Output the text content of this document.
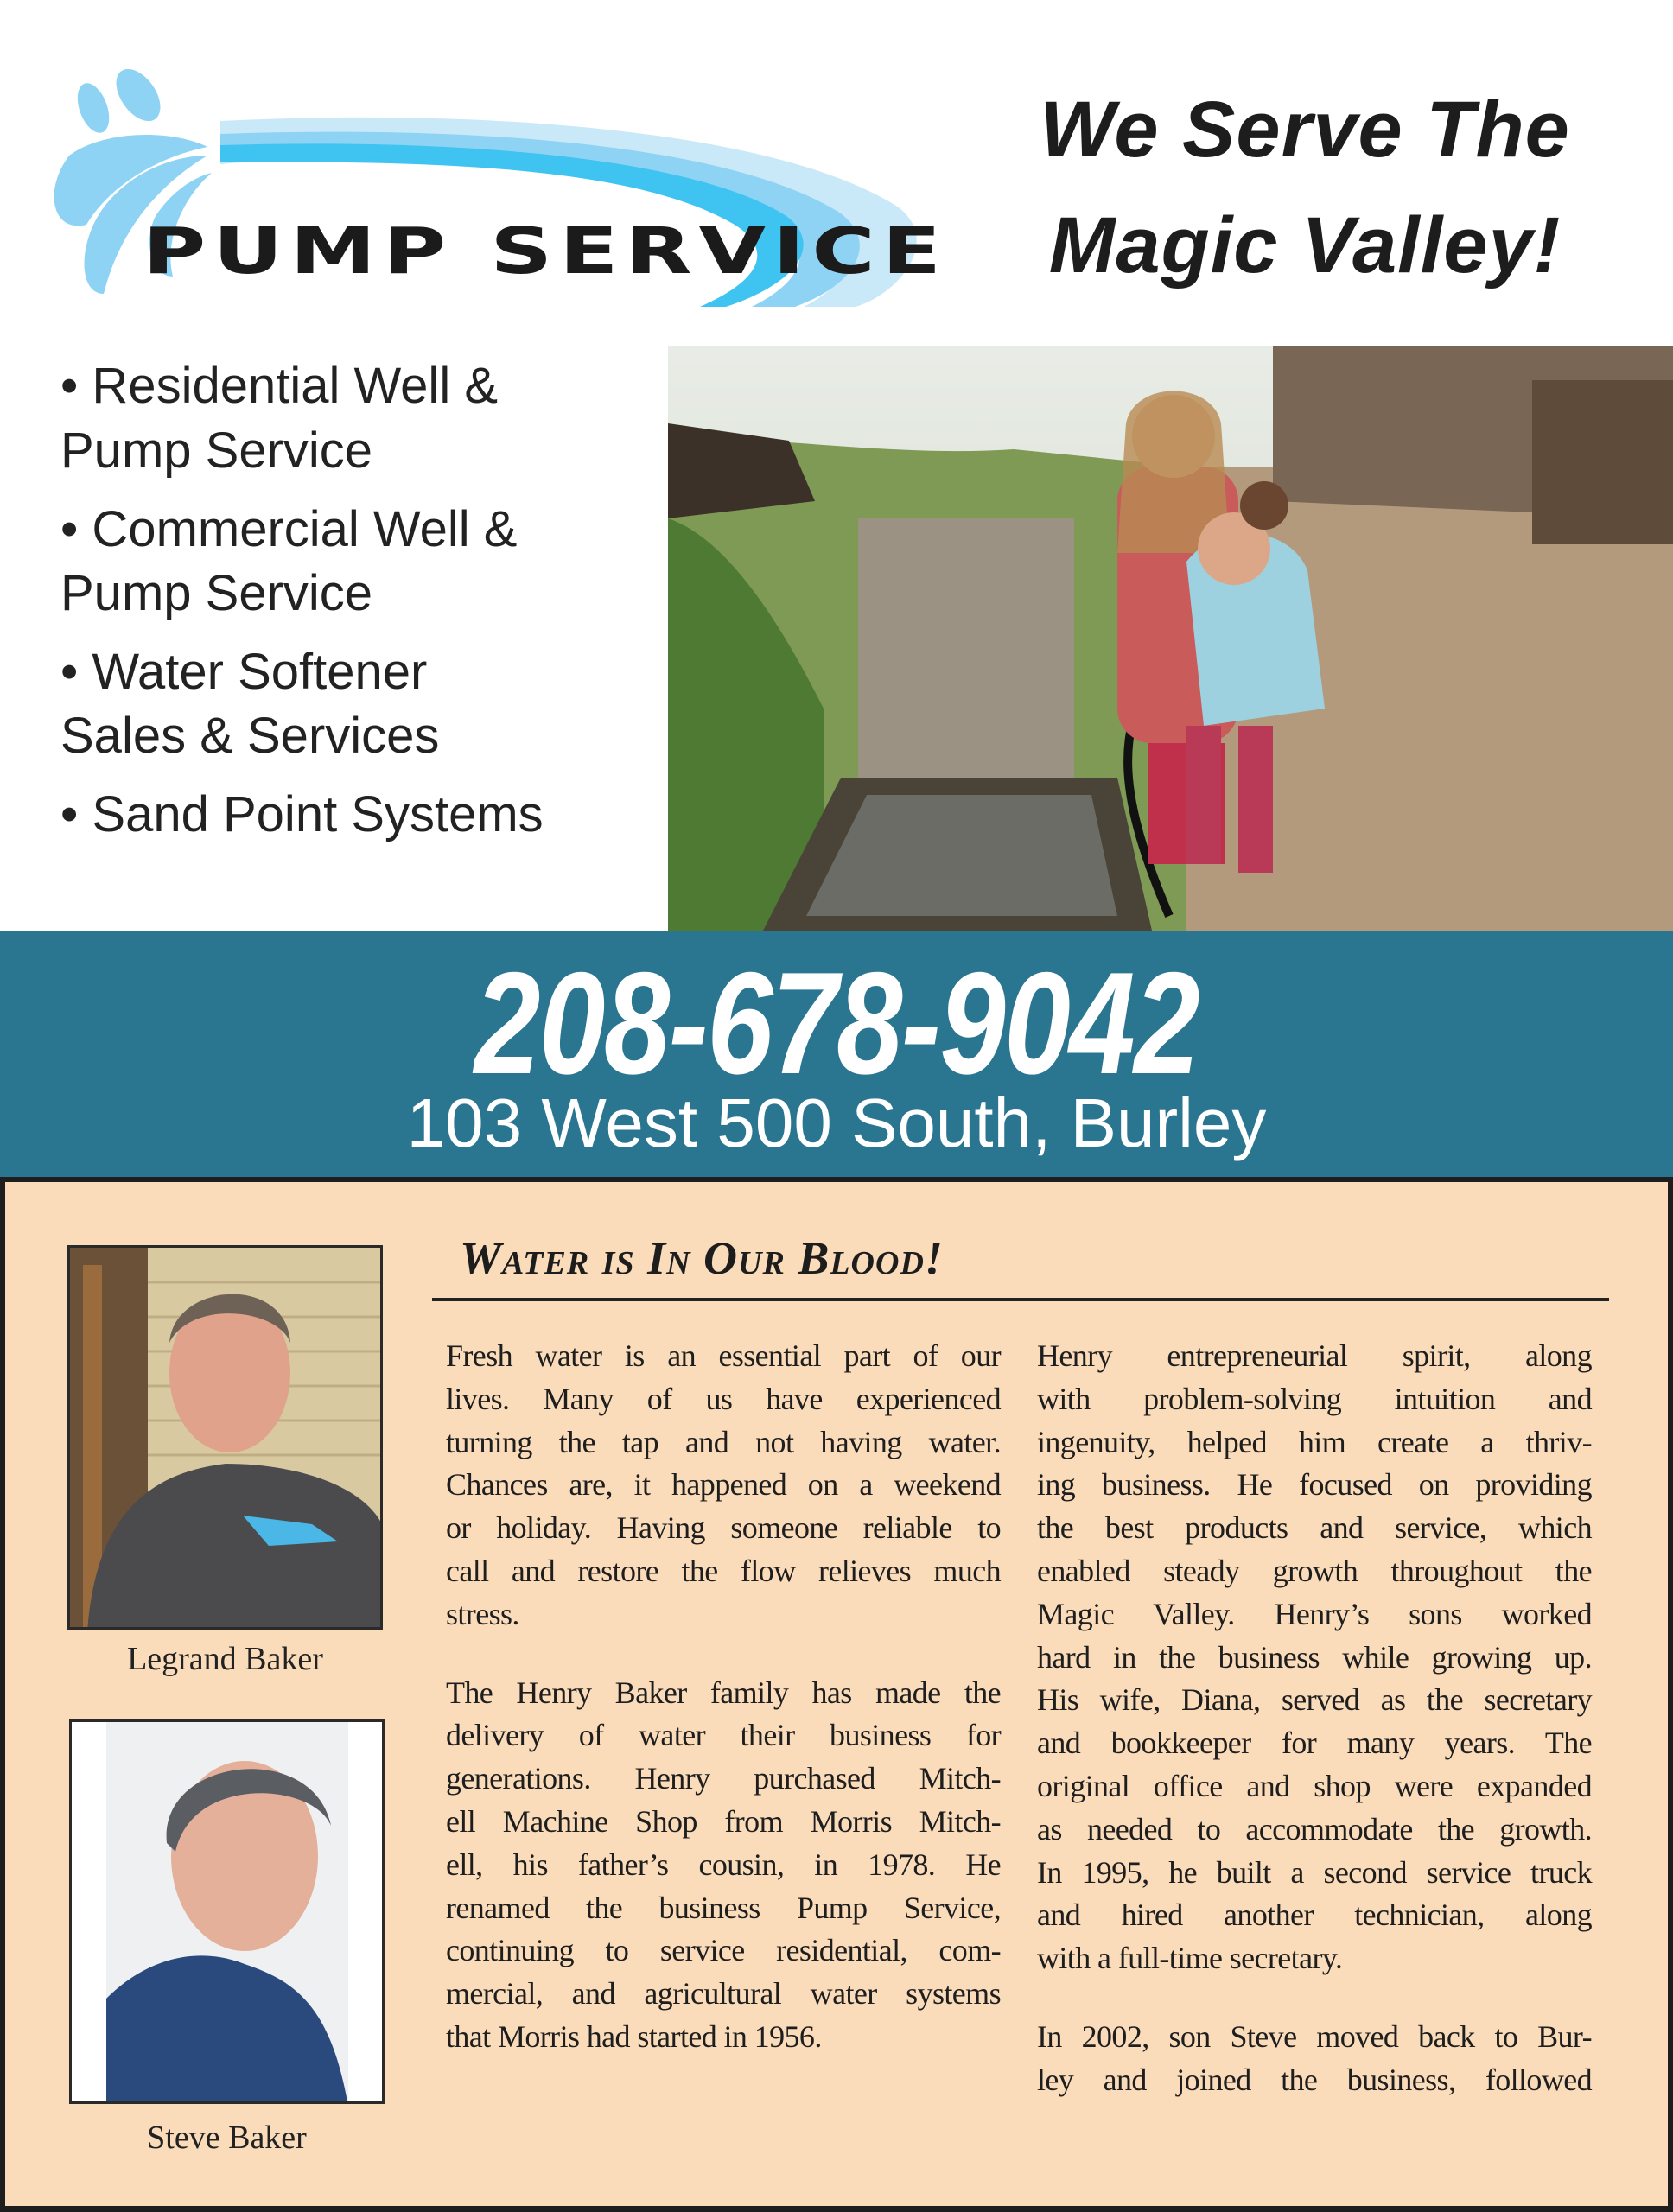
PUMP SERVICE
We Serve The
Magic Valley!
• Residential Well &
Pump Service
• Commercial Well &
Pump Service
• Water Softener
Sales & Services
• Sand Point Systems
208-678-9042
103 West 500 South, Burley
Legrand Baker
Steve Baker
Water is In Our Blood!
Fresh water is an essential part of our
lives. Many of us have experienced
turning the tap and not having water.
Chances are, it happened on a weekend
or holiday. Having someone reliable to
call and restore the flow relieves much
stress.
The Henry Baker family has made the
delivery of water their business for
generations. Henry purchased Mitch-
ell Machine Shop from Morris Mitch-
ell, his father’s cousin, in 1978. He
renamed the business Pump Service,
continuing to service residential, com-
mercial, and agricultural water systems
that Morris had started in 1956.
Henry entrepreneurial spirit, along
with problem-solving intuition and
ingenuity, helped him create a thriv-
ing business. He focused on providing
the best products and service, which
enabled steady growth throughout the
Magic Valley. Henry’s sons worked
hard in the business while growing up.
His wife, Diana, served as the secretary
and bookkeeper for many years. The
original office and shop were expanded
as needed to accommodate the growth.
In 1995, he built a second service truck
and hired another technician, along
with a full-time secretary.
In 2002, son Steve moved back to Bur-
ley and joined the business, followed
